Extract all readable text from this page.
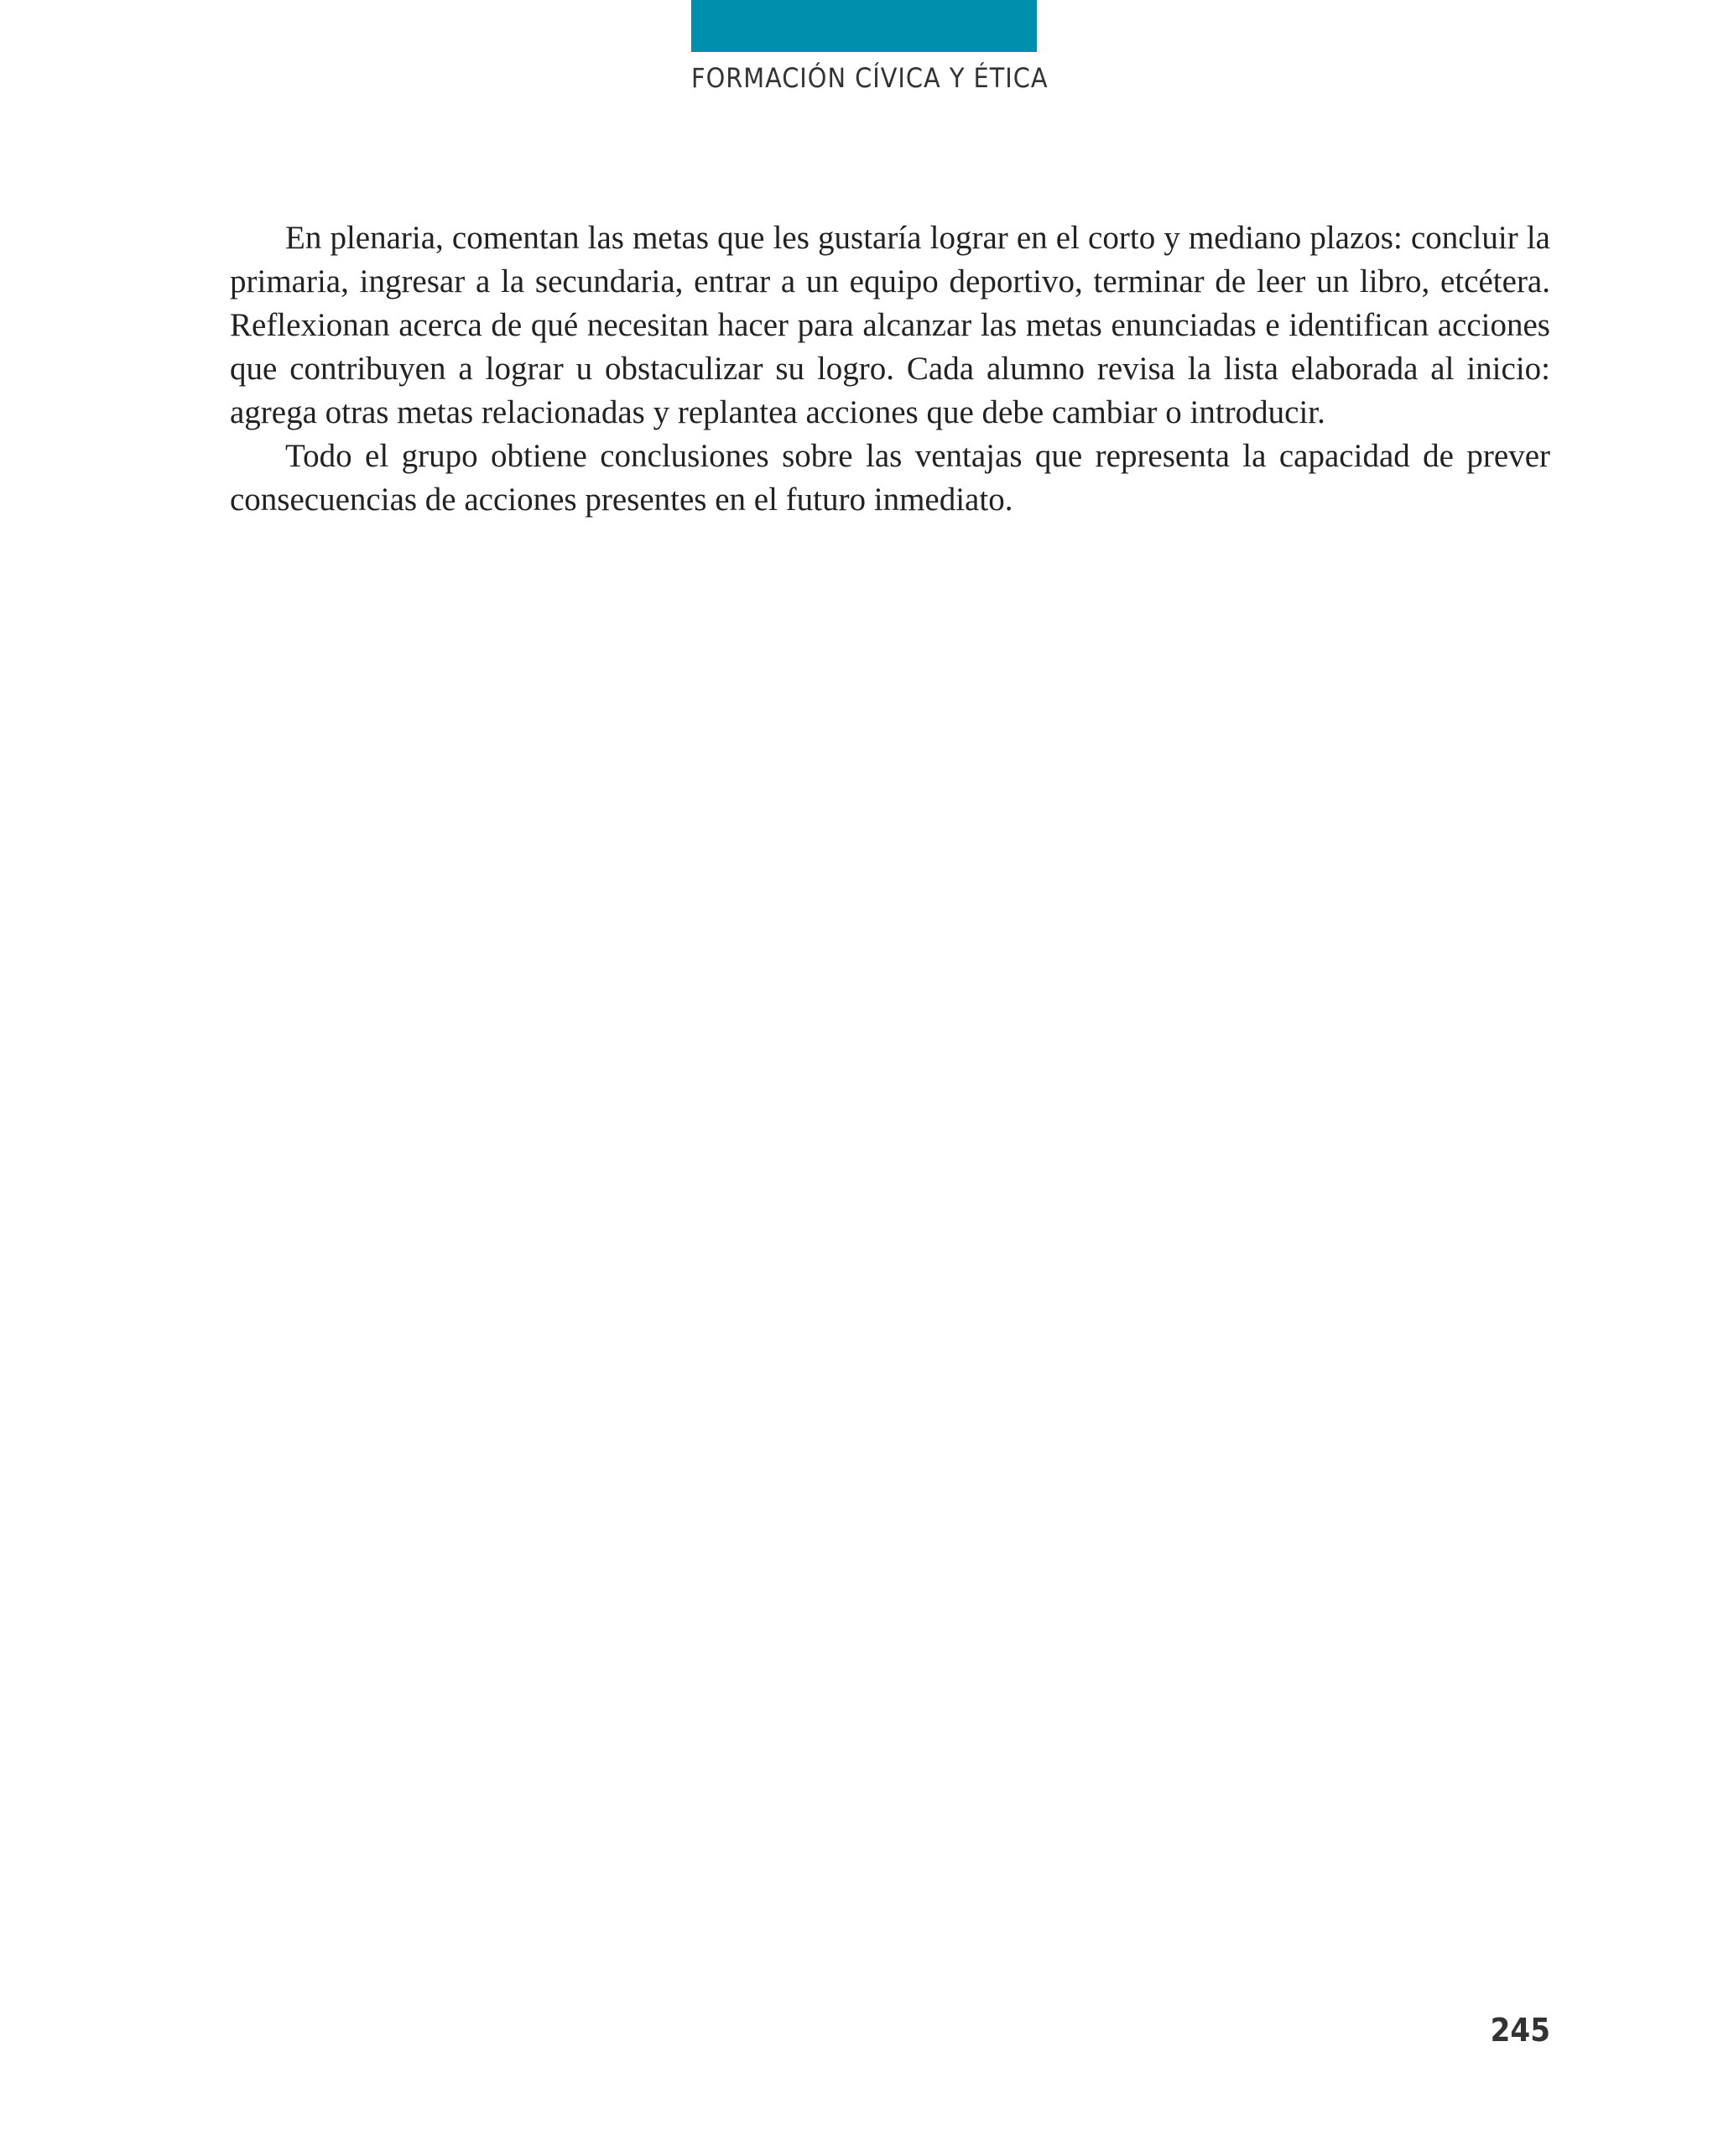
FORMACIÓN CÍVICA Y ÉTICA

En plenaria, comentan las metas que les gustaría lograr en el corto y mediano plazos: concluir la primaria, ingresar a la secundaria, entrar a un equipo deportivo, terminar de leer un libro, etcétera. Reflexionan acerca de qué necesitan hacer para alcanzar las metas enunciadas e identifican acciones que contribuyen a lograr u obstaculizar su logro. Cada alumno revisa la lista elaborada al inicio: agrega otras metas relacionadas y replantea acciones que debe cambiar o introducir.

Todo el grupo obtiene conclusiones sobre las ventajas que representa la capacidad de prever consecuencias de acciones presentes en el futuro inmediato.

245
